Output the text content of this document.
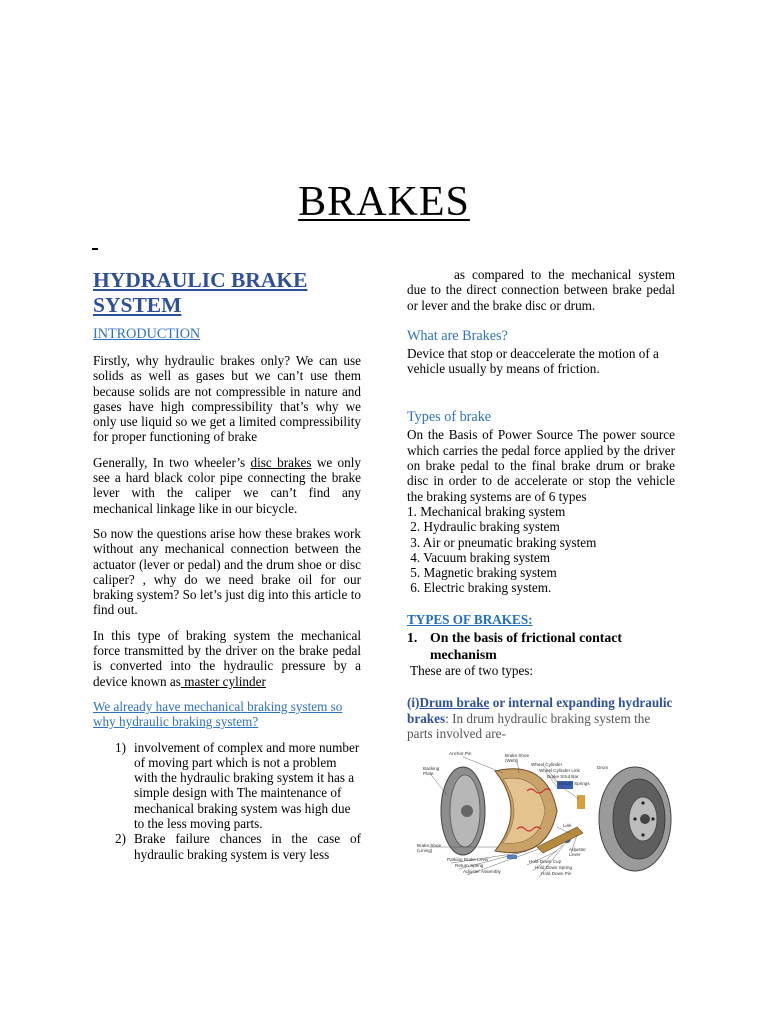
BRAKES
HYDRAULIC BRAKE SYSTEM
INTRODUCTION

Firstly, why hydraulic brakes only? We can use solids as well as gases but we can’t use them because solids are not compressible in nature and gases have high compressibility that’s why we only use liquid so we get a limited compressibility for proper functioning of brake

Generally, In two wheeler’s disc brakes we only see a hard black color pipe connecting the brake lever with the caliper we can’t find any mechanical linkage like in our bicycle.

So now the questions arise how these brakes work without any mechanical connection between the actuator (lever or pedal) and the drum shoe or disc caliper? , why do we need brake oil for our braking system? So let’s just dig into this article to find out.

In this type of braking system the mechanical force transmitted by the driver on the brake pedal is converted into the hydraulic pressure by a device known as master cylinder

We already have mechanical braking system so why hydraulic braking system?
1) involvement of complex and more number of moving part which is not a problem with the hydraulic braking system it has a simple design with The maintenance of mechanical braking system was high due to the less moving parts.
2) Brake failure chances in the case of hydraulic braking system is very less

as compared to the mechanical system due to the direct connection between brake pedal or lever and the brake disc or drum.

What are Brakes?

Device that stop or deaccelerate the motion of a vehicle usually by means of friction.

Types of brake

On the Basis of Power Source The power source which carries the pedal force applied by the driver on brake pedal to the final brake drum or brake disc in order to de accelerate or stop the vehicle the braking systems are of 6 types

1. Mechanical braking system
2. Hydraulic braking system
3. Air or pneumatic braking system
4. Vacuum braking system
5. Magnetic braking system
6. Electric braking system.
TYPES OF BRAKES:
1. On the basis of frictional contact mechanism
These are of two types:

(i)Drum brake or internal expanding hydraulic brakes: In drum hydraulic braking system the parts involved are-

Anchor Pin	Brake Shoe (Web)
Wheel Cylinder
Wheel Cylinder Link
Brake Strut Bar
Return Springs
Drum
Backing Plate
Link
Brake Shoe (Lining)
Parking Brake Lever
Return Spring
Adjuster Assembly
Hold Down Cup
Hold Down Spring
Hold Down Pin
Adjuster Lever
